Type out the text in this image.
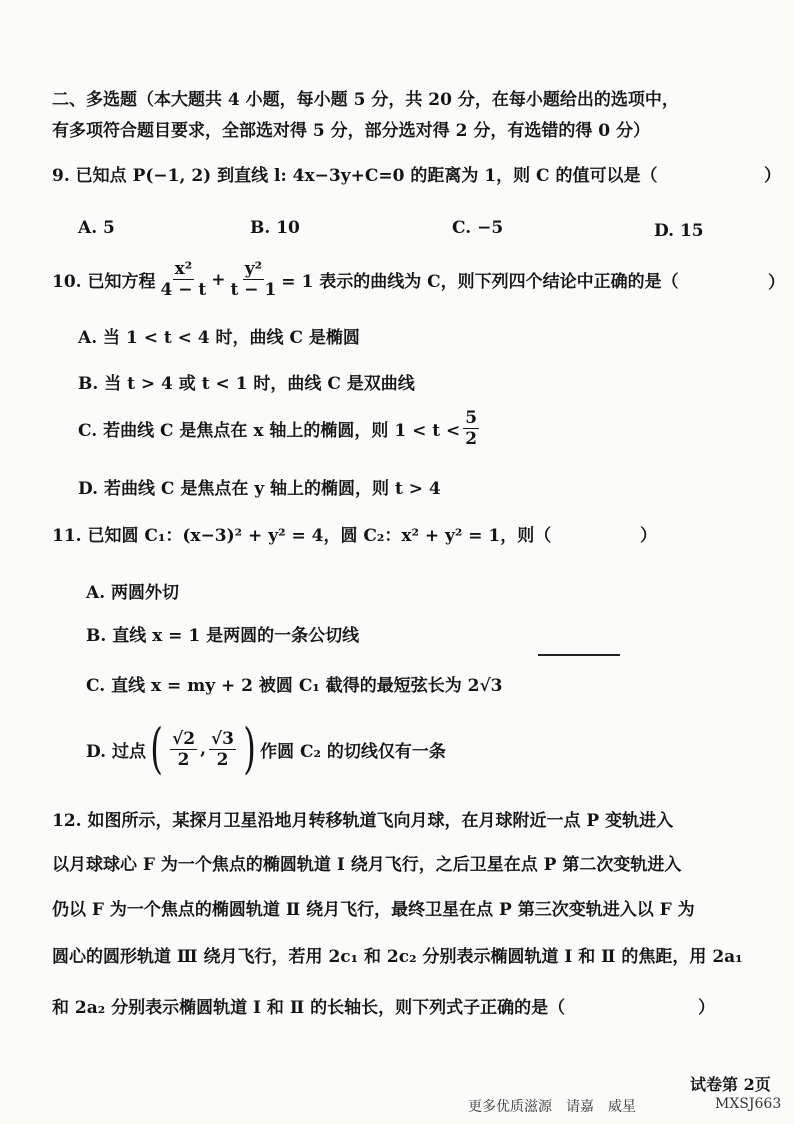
二、多选题（本大题共 4 小题，每小题 5 分，共 20 分，在每小题给出的选项中，
有多项符合题目要求，全部选对得 5 分，部分选对得 2 分，有选错的得 0 分）
9. 已知点 P(−1, 2) 到直线 l: 4x−3y+C=0 的距离为 1，则 C 的值可以是（	）
A. 5	B. 10	C. −5	D. 15
10. 已知方程 $\frac{\text{x²}}{4 - t} + \frac{\text{y²}}{t - 1} = 1$ 表示的曲线为 C，则下列四个结论中正确的是（	）
A. 当 1 < t < 4 时，曲线 C 是椭圆
B. 当 t > 4 或 t < 1 时，曲线 C 是双曲线
C. 若曲线 C 是焦点在 x 轴上的椭圆，则 $1 < t < \frac{5}{2}$
D. 若曲线 C 是焦点在 y 轴上的椭圆，则 t > 4
11. 已知圆 C₁：(x−3)² + y² = 4，圆 C₂：x² + y² = 1，则（	）
A. 两圆外切
B. 直线 x = 1 是两圆的一条公切线
C. 直线 x = my + 2 被圆 C₁ 截得的最短弦长为 2√3
D. 过点 ( $\frac{√2}{2}$ , $\frac{√3}{2}$ ) 作圆 C₂ 的切线仅有一条
12. 如图所示，某探月卫星沿地月转移轨道飞向月球，在月球附近一点 P 变轨进入
以月球球心 F 为一个焦点的椭圆轨道 Ⅰ 绕月飞行，之后卫星在点 P 第二次变轨进入
仍以 F 为一个焦点的椭圆轨道 Ⅱ 绕月飞行，最终卫星在点 P 第三次变轨进入以 F 为
圆心的圆形轨道 Ⅲ 绕月飞行，若用 2c₁ 和 2c₂ 分别表示椭圆轨道 Ⅰ 和 Ⅱ 的焦距，用 2a₁
和 2a₂ 分别表示椭圆轨道 Ⅰ 和 Ⅱ 的长轴长，则下列式子正确的是（	）
试卷第 2页
更多优质滋源　请嘉　威星	MXSJ663
